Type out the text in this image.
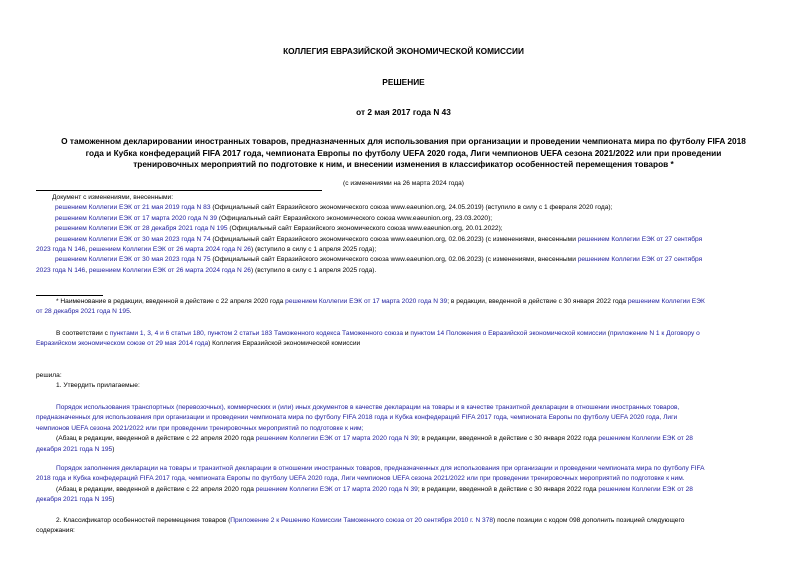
КОЛЛЕГИЯ ЕВРАЗИЙСКОЙ ЭКОНОМИЧЕСКОЙ КОМИССИИ
РЕШЕНИЕ
от 2 мая 2017 года N 43
О таможенном декларировании иностранных товаров, предназначенных для использования при организации и проведении чемпионата мира по футболу FIFA 2018
года и Кубка конфедераций FIFA 2017 года, чемпионата Европы по футболу UEFA 2020 года, Лиги чемпионов UEFA сезона 2021/2022 или при проведении
тренировочных мероприятий по подготовке к ним, и внесении изменения в классификатор особенностей перемещения товаров *
(с изменениями на 26 марта 2024 года)
Документ с изменениями, внесенными:
решением Коллегии ЕЭК от 21 мая 2019 года N 83 (Официальный сайт Евразийского экономического союза www.eaeunion.org, 24.05.2019) (вступило в силу с 1 февраля 2020 года);
решением Коллегии ЕЭК от 17 марта 2020 года N 39 (Официальный сайт Евразийского экономического союза www.eaeunion.org, 23.03.2020);
решением Коллегии ЕЭК от 28 декабря 2021 года N 195 (Официальный сайт Евразийского экономического союза www.eaeunion.org, 20.01.2022);
решением Коллегии ЕЭК от 30 мая 2023 года N 74 (Официальный сайт Евразийского экономического союза www.eaeunion.org, 02.06.2023) (с изменениями, внесенными решением Коллегии ЕЭК от 27 сентября
2023 года N 146, решением Коллегии ЕЭК от 26 марта 2024 года N 26) (вступило в силу с 1 апреля 2025 года);
решением Коллегии ЕЭК от 30 мая 2023 года N 75 (Официальный сайт Евразийского экономического союза www.eaeunion.org, 02.06.2023) (с изменениями, внесенными решением Коллегии ЕЭК от 27 сентября
2023 года N 146, решением Коллегии ЕЭК от 26 марта 2024 года N 26) (вступило в силу с 1 апреля 2025 года).
* Наименование в редакции, введенной в действие с 22 апреля 2020 года решением Коллегии ЕЭК от 17 марта 2020 года N 39; в редакции, введенной в действие с 30 января 2022 года решением Коллегии ЕЭК
от 28 декабря 2021 года N 195.
В соответствии с пунктами 1, 3, 4 и 6 статьи 180, пунктом 2 статьи 183 Таможенного кодекса Таможенного союза и пунктом 14 Положения о Евразийской экономической комиссии (приложение N 1 к Договору о
Евразийском экономическом союзе от 29 мая 2014 года) Коллегия Евразийской экономической комиссии
решила:
1. Утвердить прилагаемые:
Порядок использования транспортных (перевозочных), коммерческих и (или) иных документов в качестве декларации на товары и в качестве транзитной декларации в отношении иностранных товаров,
предназначенных для использования при организации и проведении чемпионата мира по футболу FIFA 2018 года и Кубка конфедераций FIFA 2017 года, чемпионата Европы по футболу UEFA 2020 года, Лиги
чемпионов UEFA сезона 2021/2022 или при проведении тренировочных мероприятий по подготовке к ним;
(Абзац в редакции, введенной в действие с 22 апреля 2020 года решением Коллегии ЕЭК от 17 марта 2020 года N 39; в редакции, введенной в действие с 30 января 2022 года решением Коллегии ЕЭК от 28
декабря 2021 года N 195)
Порядок заполнения декларации на товары и транзитной декларации в отношении иностранных товаров, предназначенных для использования при организации и проведении чемпионата мира по футболу FIFA
2018 года и Кубка конфедераций FIFA 2017 года, чемпионата Европы по футболу UEFA 2020 года, Лиги чемпионов UEFA сезона 2021/2022 или при проведении тренировочных мероприятий по подготовке к ним.
(Абзац в редакции, введенной в действие с 22 апреля 2020 года решением Коллегии ЕЭК от 17 марта 2020 года N 39; в редакции, введенной в действие с 30 января 2022 года решением Коллегии ЕЭК от 28
декабря 2021 года N 195)
2. Классификатор особенностей перемещения товаров (Приложение 2 к Решению Комиссии Таможенного союза от 20 сентября 2010 г. N 378) после позиции с кодом 098 дополнить позицией следующего
содержания:
